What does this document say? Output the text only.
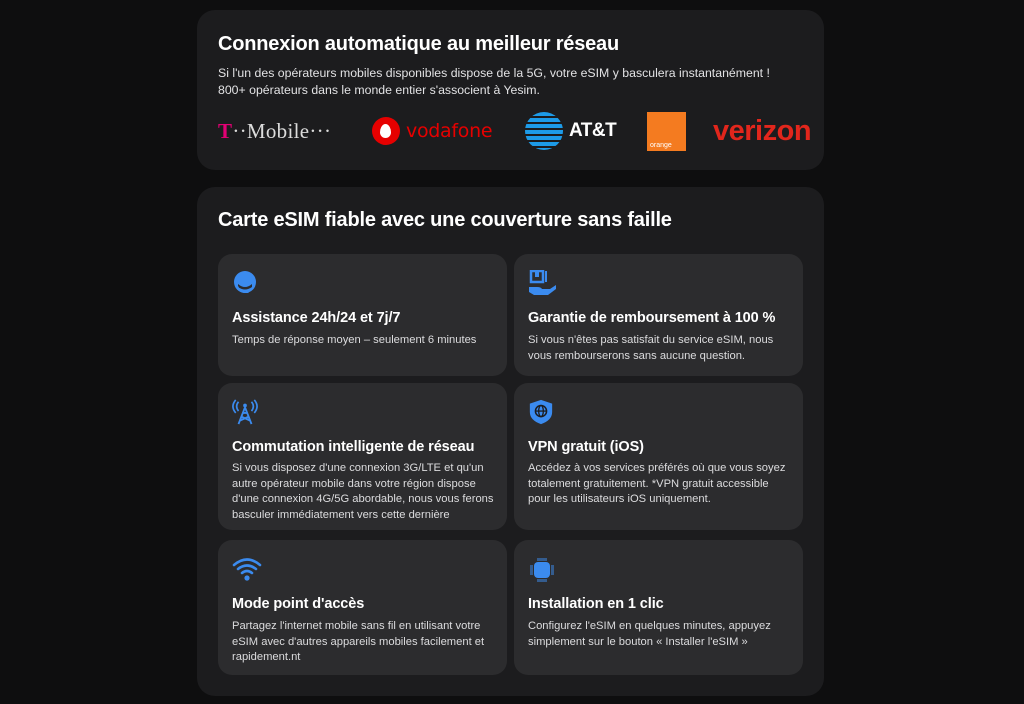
Connexion automatique au meilleur réseau

Si l'un des opérateurs mobiles disponibles dispose de la 5G, votre eSIM y basculera instantanément ! 800+ opérateurs dans le monde entier s'associent à Yesim.

T ··Mobile···	vodafone	AT&T
orange verizon
Carte eSIM fiable avec une couverture sans faille
Assistance 24h/24 et 7j/7

Temps de réponse moyen – seulement 6 minutes

Garantie de remboursement à 100 %

Si vous n'êtes pas satisfait du service eSIM, nous vous rembourserons sans aucune question.

Commutation intelligente de réseau

Si vous disposez d'une connexion 3G/LTE et qu'un autre opérateur mobile dans votre région dispose d'une connexion 4G/5G abordable, nous vous ferons basculer immédiatement vers cette dernière

VPN gratuit (iOS)

Accédez à vos services préférés où que vous soyez totalement gratuitement. *VPN gratuit accessible pour les utilisateurs iOS uniquement.

Mode point d'accès

Partagez l'internet mobile sans fil en utilisant votre eSIM avec d'autres appareils mobiles facilement et rapidement.nt

Installation en 1 clic

Configurez l'eSIM en quelques minutes, appuyez simplement sur le bouton « Installer l'eSIM »
